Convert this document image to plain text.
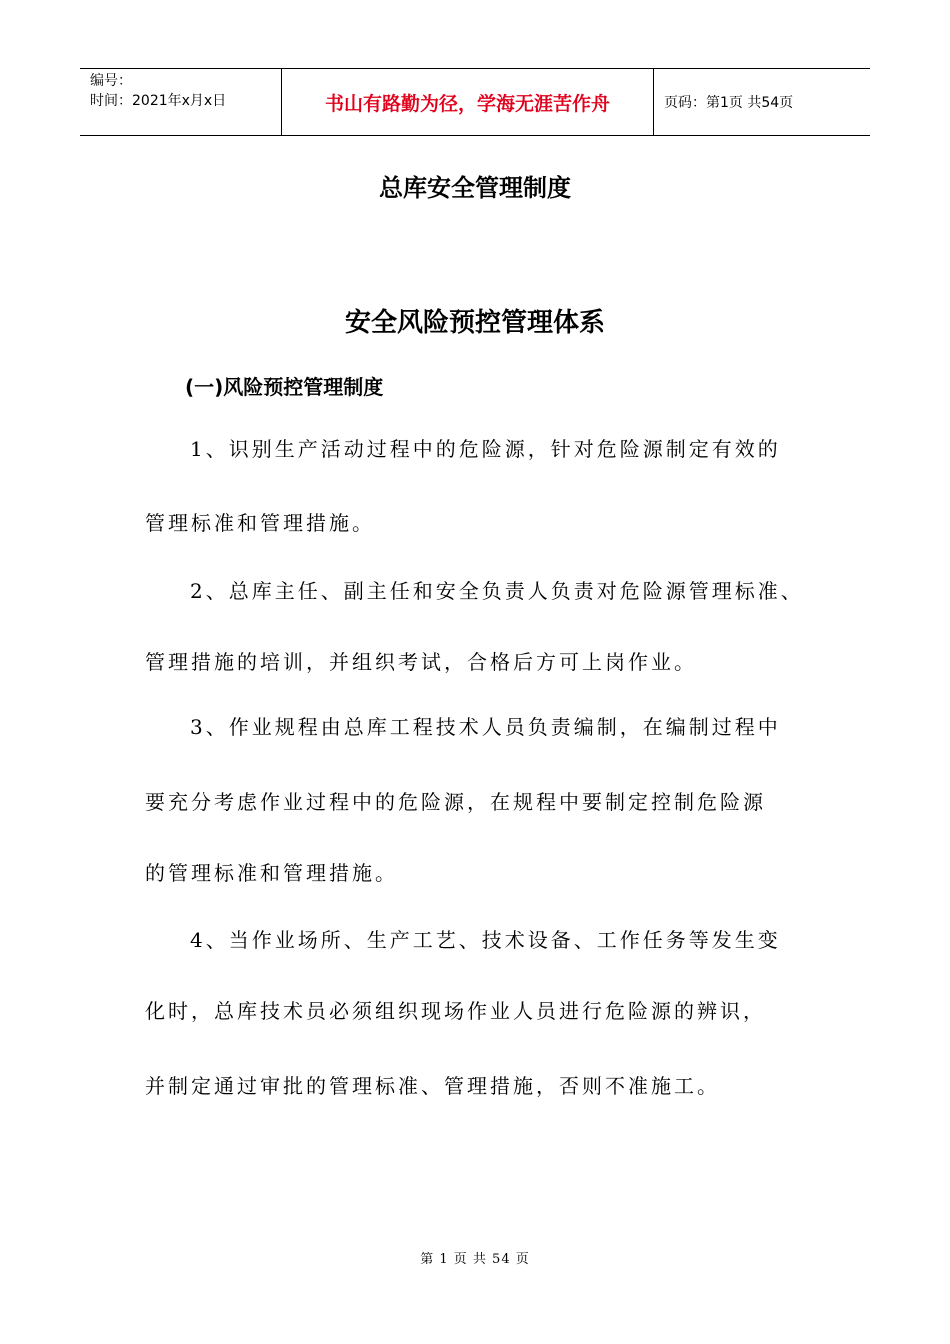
编号：
时间：2021年x月x日	书山有路勤为径，学海无涯苦作舟	页码：第1页 共54页
总库安全管理制度
安全风险预控管理体系
(一)风险预控管理制度
1、识别生产活动过程中的危险源，针对危险源制定有效的
管理标准和管理措施。
2、总库主任、副主任和安全负责人负责对危险源管理标准、
管理措施的培训，并组织考试，合格后方可上岗作业。
3、作业规程由总库工程技术人员负责编制，在编制过程中
要充分考虑作业过程中的危险源，在规程中要制定控制危险源
的管理标准和管理措施。
4、当作业场所、生产工艺、技术设备、工作任务等发生变
化时，总库技术员必须组织现场作业人员进行危险源的辨识，
并制定通过审批的管理标准、管理措施，否则不准施工。
第 1 页 共 54 页
